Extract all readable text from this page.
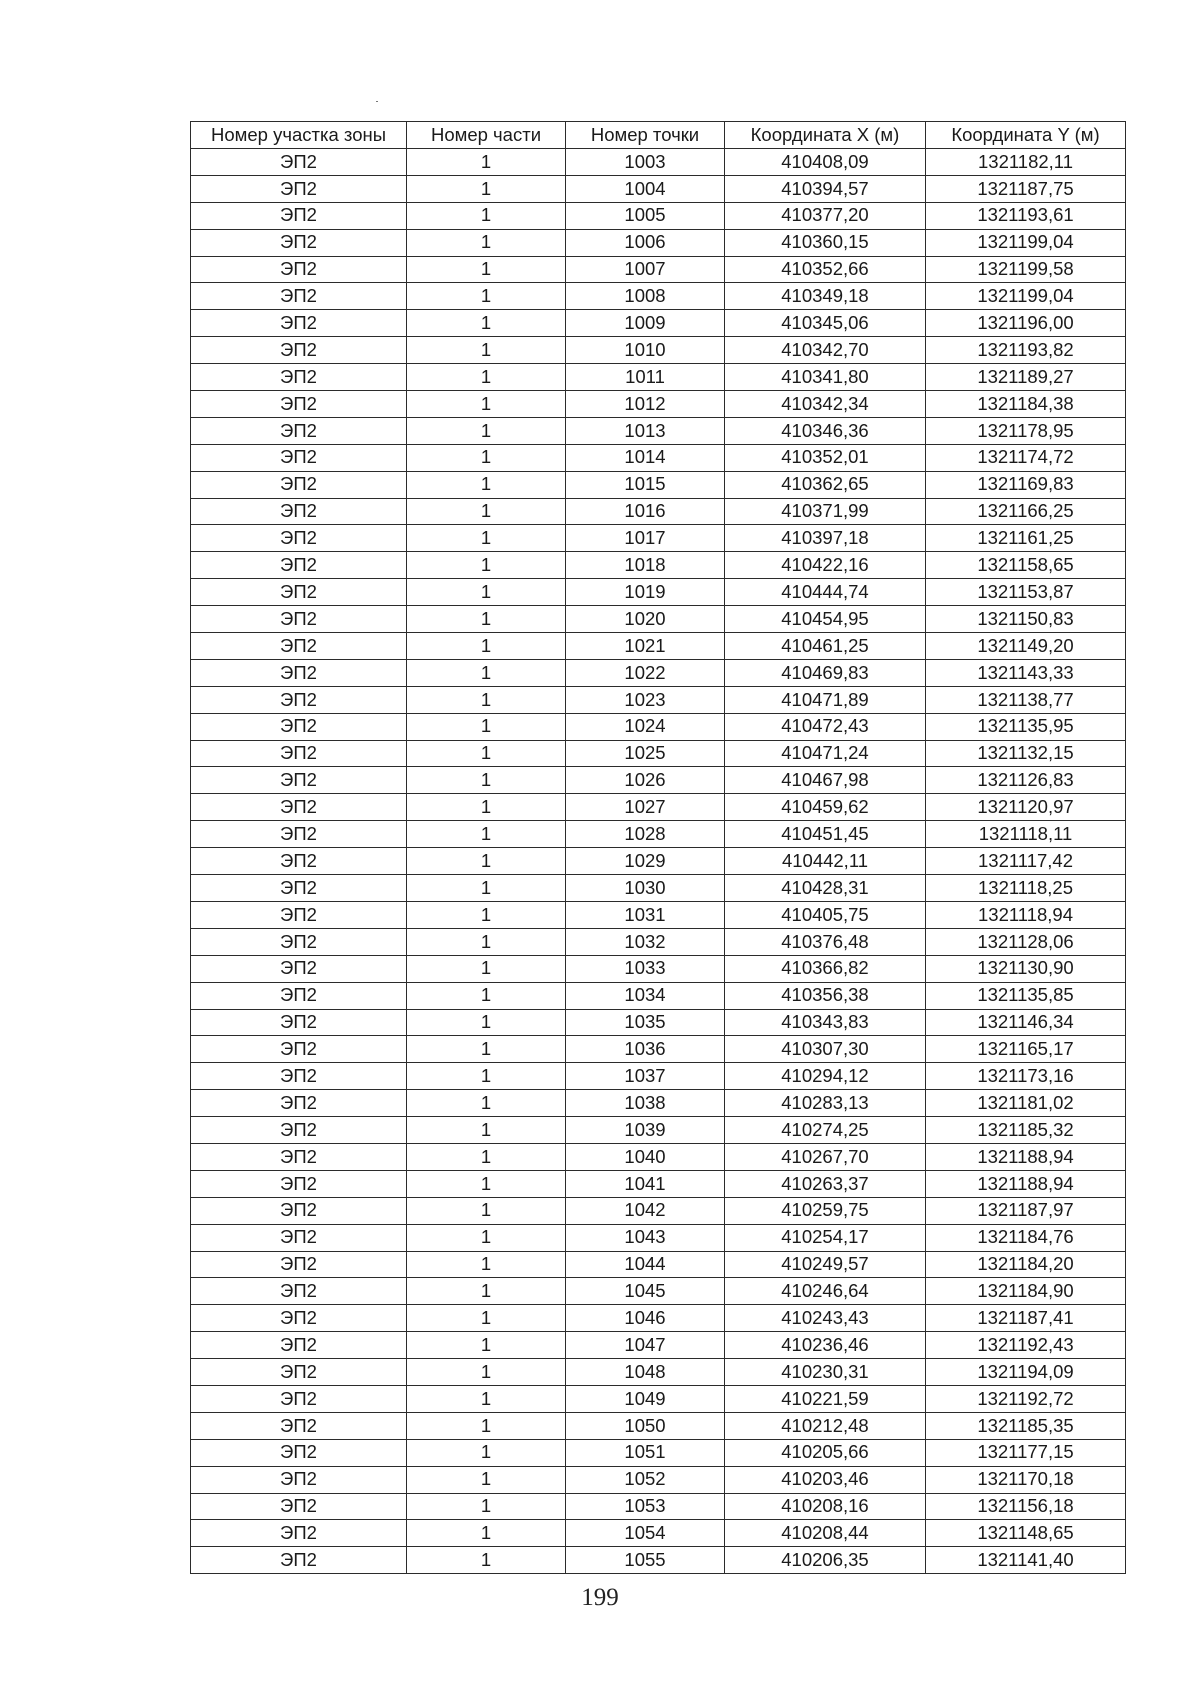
Номер участка зоны	Номер части	Номер точки	Координата X (м)	Координата Y (м)
ЭП2	1	1003	410408,09	1321182,11
ЭП2	1	1004	410394,57	1321187,75
ЭП2	1	1005	410377,20	1321193,61
ЭП2	1	1006	410360,15	1321199,04
ЭП2	1	1007	410352,66	1321199,58
ЭП2	1	1008	410349,18	1321199,04
ЭП2	1	1009	410345,06	1321196,00
ЭП2	1	1010	410342,70	1321193,82
ЭП2	1	1011	410341,80	1321189,27
ЭП2	1	1012	410342,34	1321184,38
ЭП2	1	1013	410346,36	1321178,95
ЭП2	1	1014	410352,01	1321174,72
ЭП2	1	1015	410362,65	1321169,83
ЭП2	1	1016	410371,99	1321166,25
ЭП2	1	1017	410397,18	1321161,25
ЭП2	1	1018	410422,16	1321158,65
ЭП2	1	1019	410444,74	1321153,87
ЭП2	1	1020	410454,95	1321150,83
ЭП2	1	1021	410461,25	1321149,20
ЭП2	1	1022	410469,83	1321143,33
ЭП2	1	1023	410471,89	1321138,77
ЭП2	1	1024	410472,43	1321135,95
ЭП2	1	1025	410471,24	1321132,15
ЭП2	1	1026	410467,98	1321126,83
ЭП2	1	1027	410459,62	1321120,97
ЭП2	1	1028	410451,45	1321118,11
ЭП2	1	1029	410442,11	1321117,42
ЭП2	1	1030	410428,31	1321118,25
ЭП2	1	1031	410405,75	1321118,94
ЭП2	1	1032	410376,48	1321128,06
ЭП2	1	1033	410366,82	1321130,90
ЭП2	1	1034	410356,38	1321135,85
ЭП2	1	1035	410343,83	1321146,34
ЭП2	1	1036	410307,30	1321165,17
ЭП2	1	1037	410294,12	1321173,16
ЭП2	1	1038	410283,13	1321181,02
ЭП2	1	1039	410274,25	1321185,32
ЭП2	1	1040	410267,70	1321188,94
ЭП2	1	1041	410263,37	1321188,94
ЭП2	1	1042	410259,75	1321187,97
ЭП2	1	1043	410254,17	1321184,76
ЭП2	1	1044	410249,57	1321184,20
ЭП2	1	1045	410246,64	1321184,90
ЭП2	1	1046	410243,43	1321187,41
ЭП2	1	1047	410236,46	1321192,43
ЭП2	1	1048	410230,31	1321194,09
ЭП2	1	1049	410221,59	1321192,72
ЭП2	1	1050	410212,48	1321185,35
ЭП2	1	1051	410205,66	1321177,15
ЭП2	1	1052	410203,46	1321170,18
ЭП2	1	1053	410208,16	1321156,18
ЭП2	1	1054	410208,44	1321148,65
ЭП2	1	1055	410206,35	1321141,40
199
